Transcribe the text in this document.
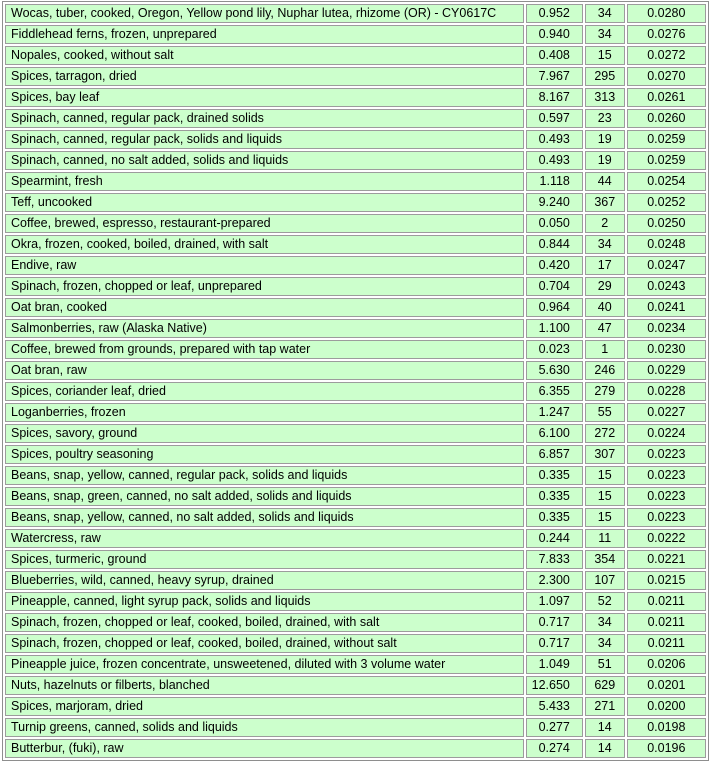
Wocas, tuber, cooked, Oregon, Yellow pond lily, Nuphar lutea, rhizome (OR) - CY0617C	0.952	34	0.0280
Fiddlehead ferns, frozen, unprepared	0.940	34	0.0276
Nopales, cooked, without salt	0.408	15	0.0272
Spices, tarragon, dried	7.967	295	0.0270
Spices, bay leaf	8.167	313	0.0261
Spinach, canned, regular pack, drained solids	0.597	23	0.0260
Spinach, canned, regular pack, solids and liquids	0.493	19	0.0259
Spinach, canned, no salt added, solids and liquids	0.493	19	0.0259
Spearmint, fresh	1.118	44	0.0254
Teff, uncooked	9.240	367	0.0252
Coffee, brewed, espresso, restaurant-prepared	0.050	2	0.0250
Okra, frozen, cooked, boiled, drained, with salt	0.844	34	0.0248
Endive, raw	0.420	17	0.0247
Spinach, frozen, chopped or leaf, unprepared	0.704	29	0.0243
Oat bran, cooked	0.964	40	0.0241
Salmonberries, raw (Alaska Native)	1.100	47	0.0234
Coffee, brewed from grounds, prepared with tap water	0.023	1	0.0230
Oat bran, raw	5.630	246	0.0229
Spices, coriander leaf, dried	6.355	279	0.0228
Loganberries, frozen	1.247	55	0.0227
Spices, savory, ground	6.100	272	0.0224
Spices, poultry seasoning	6.857	307	0.0223
Beans, snap, yellow, canned, regular pack, solids and liquids	0.335	15	0.0223
Beans, snap, green, canned, no salt added, solids and liquids	0.335	15	0.0223
Beans, snap, yellow, canned, no salt added, solids and liquids	0.335	15	0.0223
Watercress, raw	0.244	11	0.0222
Spices, turmeric, ground	7.833	354	0.0221
Blueberries, wild, canned, heavy syrup, drained	2.300	107	0.0215
Pineapple, canned, light syrup pack, solids and liquids	1.097	52	0.0211
Spinach, frozen, chopped or leaf, cooked, boiled, drained, with salt	0.717	34	0.0211
Spinach, frozen, chopped or leaf, cooked, boiled, drained, without salt	0.717	34	0.0211
Pineapple juice, frozen concentrate, unsweetened, diluted with 3 volume water	1.049	51	0.0206
Nuts, hazelnuts or filberts, blanched	12.650	629	0.0201
Spices, marjoram, dried	5.433	271	0.0200
Turnip greens, canned, solids and liquids	0.277	14	0.0198
Butterbur, (fuki), raw	0.274	14	0.0196
